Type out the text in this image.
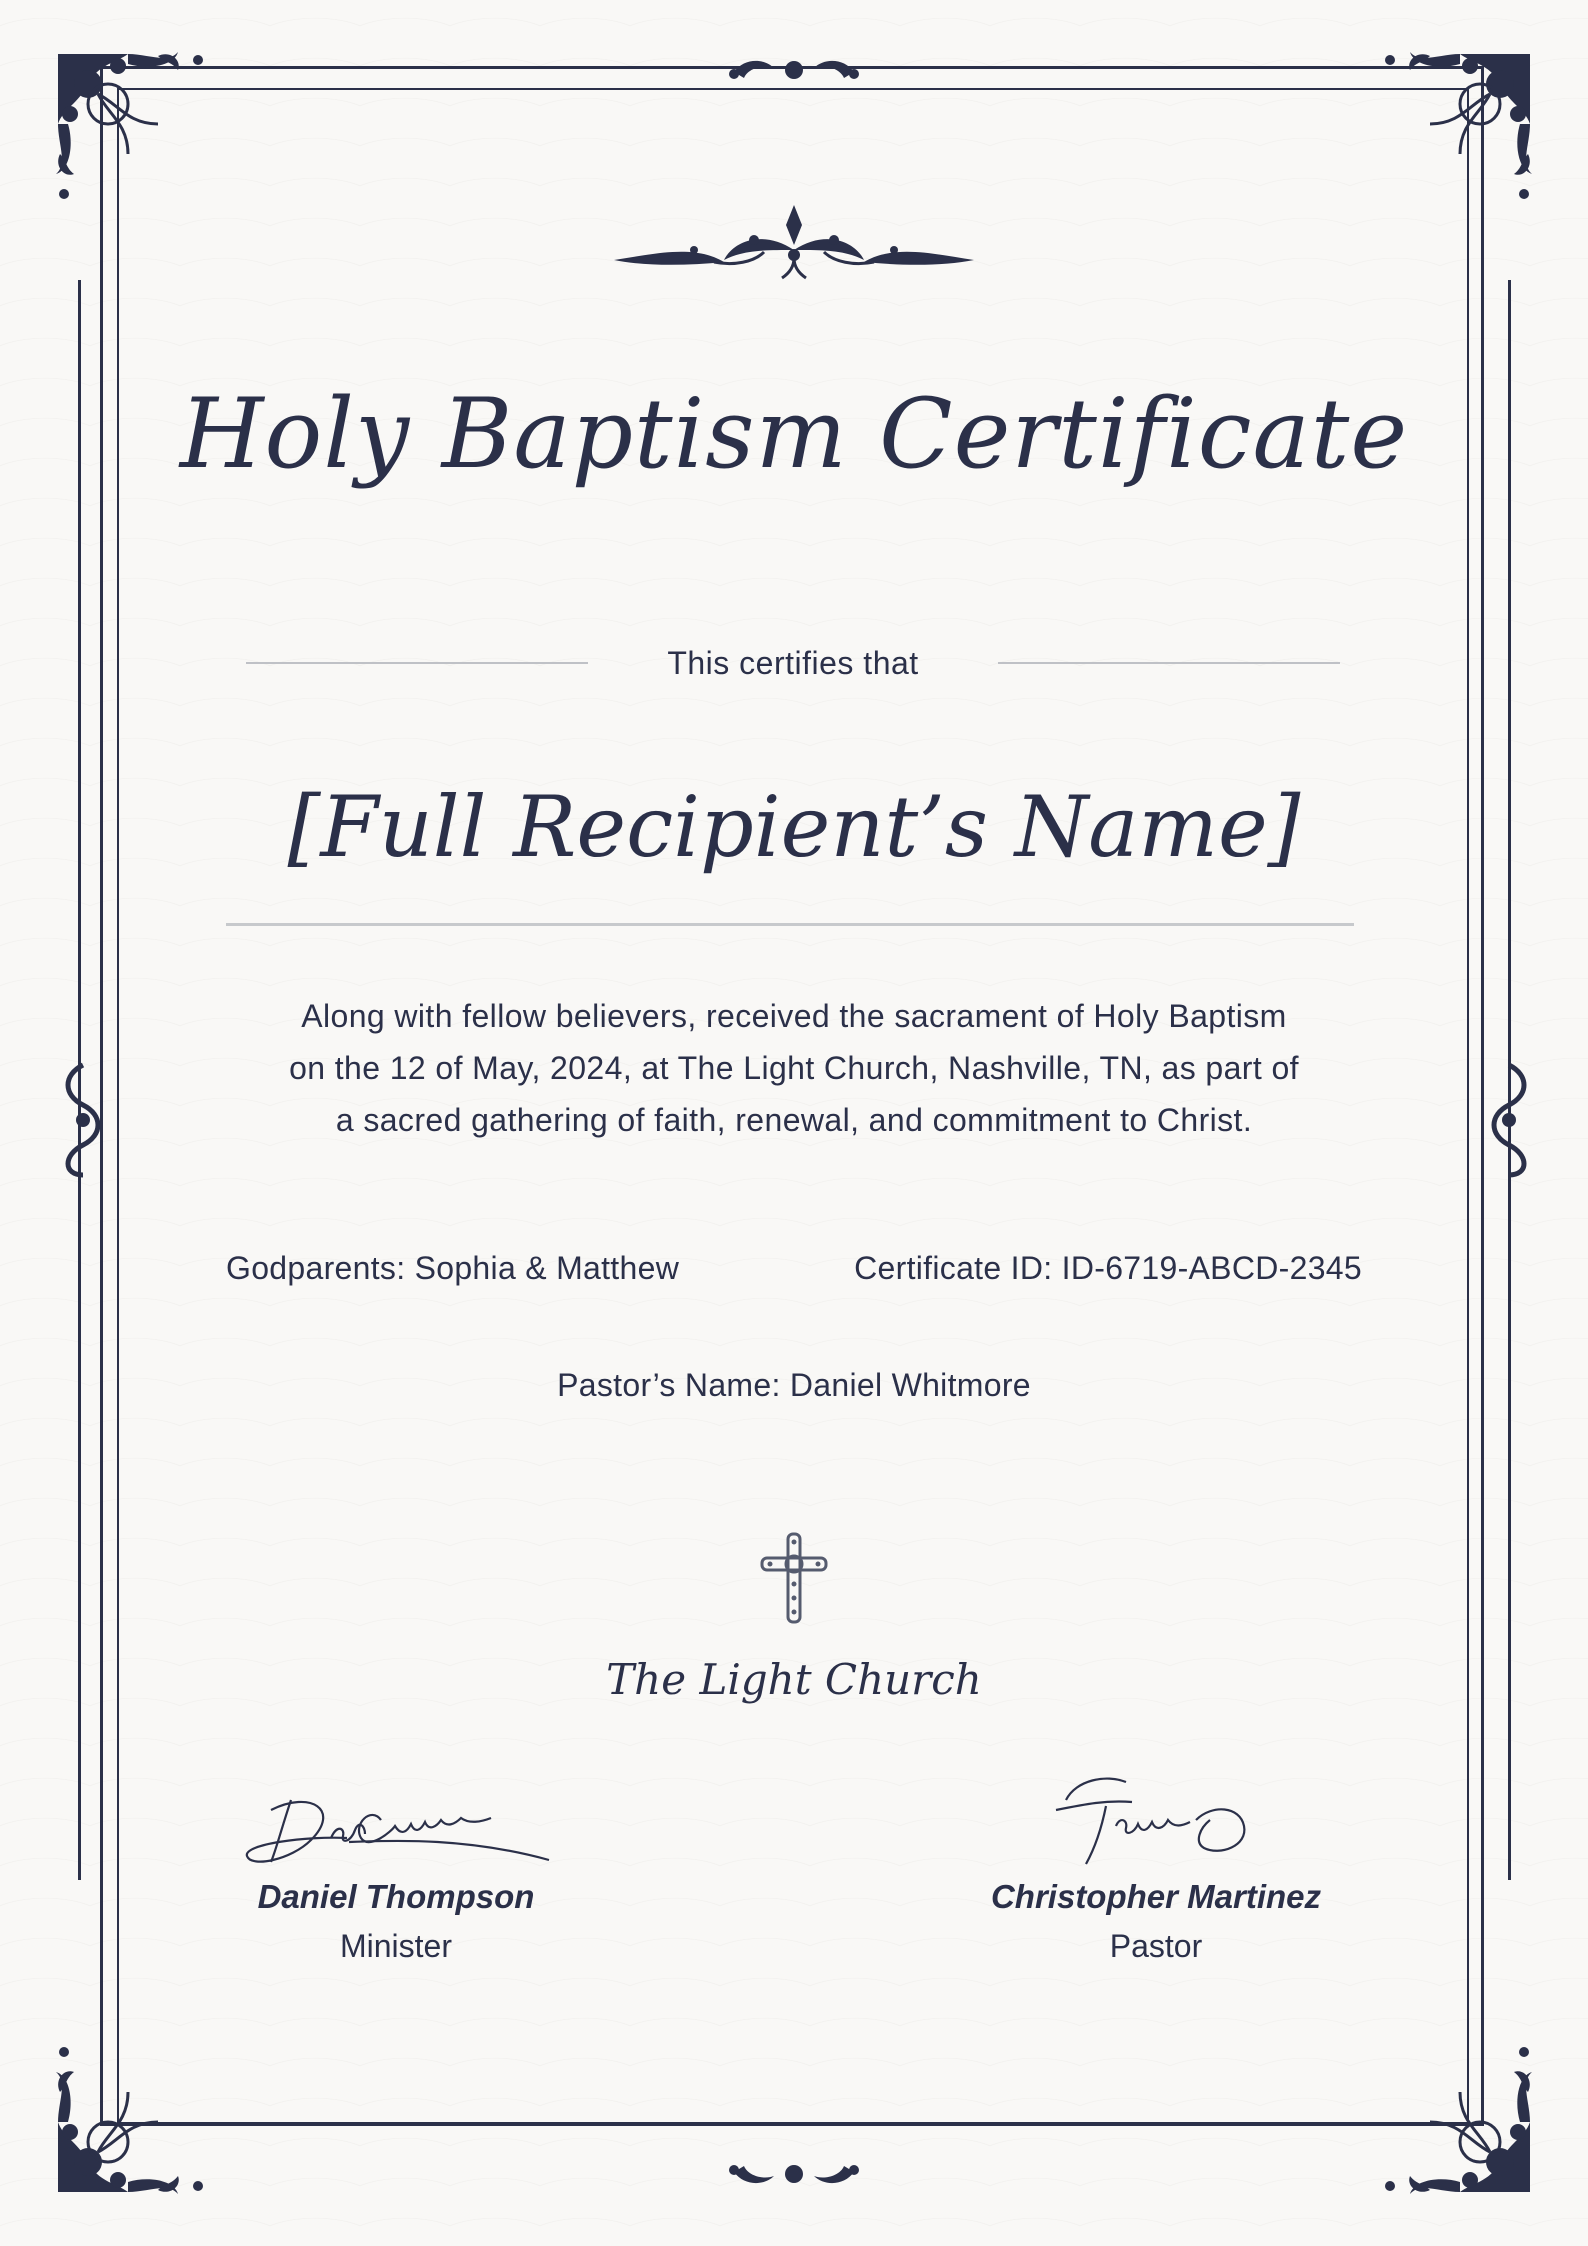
Holy Baptism Certificate
This certifies that
[Full Recipient’s Name]
Along with fellow believers, received the sacrament of Holy Baptism
on the 12 of May, 2024, at The Light Church, Nashville, TN, as part of
a sacred gathering of faith, renewal, and commitment to Christ.
Godparents: Sophia & Matthew	Certificate ID: ID-6719-ABCD-2345
Pastor’s Name: Daniel Whitmore
The Light Church
Daniel Thompson
Minister
Christopher Martinez
Pastor
